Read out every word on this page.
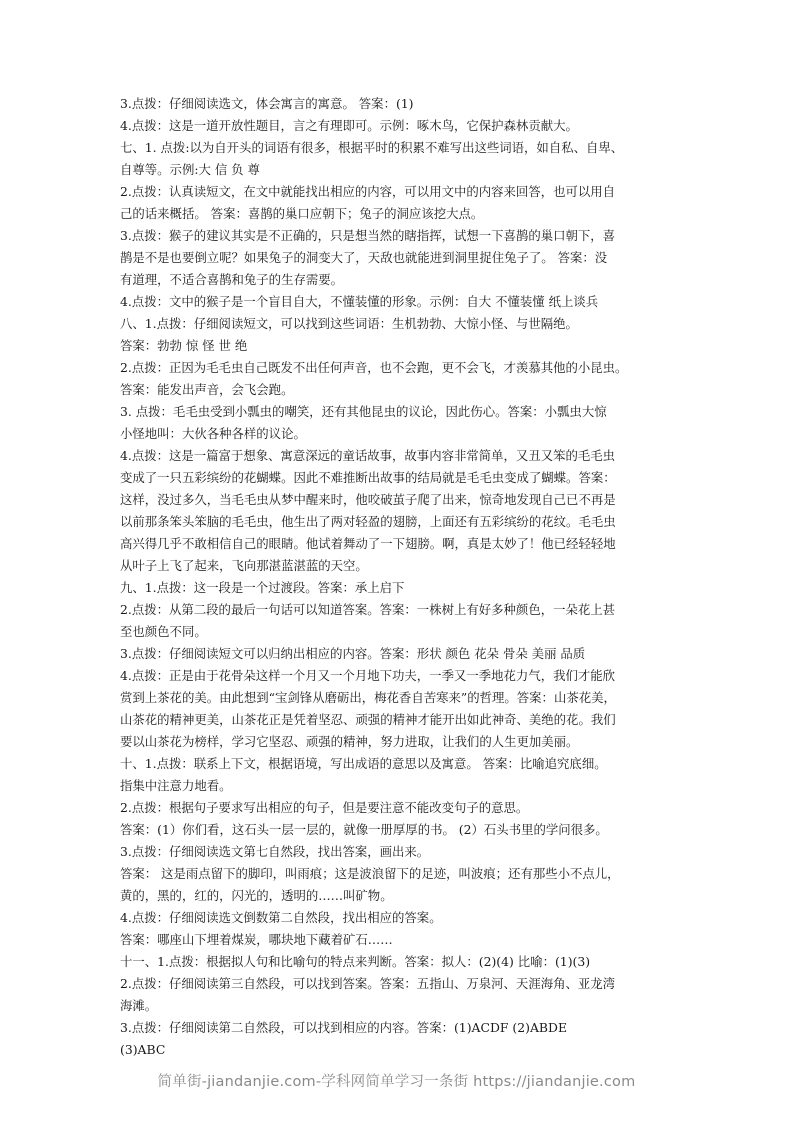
3.点拨：仔细阅读选文，体会寓言的寓意。 答案：(1)

4.点拨：这是一道开放性题目，言之有理即可。示例：啄木鸟，它保护森林贡献大。

七、1. 点拨:以为自开头的词语有很多，根据平时的积累不难写出这些词语，如自私、自卑、

自尊等。示例:大 信 负 尊

2.点拨：认真读短文，在文中就能找出相应的内容，可以用文中的内容来回答，也可以用自

己的话来概括。 答案：喜鹊的巢口应朝下；兔子的洞应该挖大点。

3.点拨：猴子的建议其实是不正确的，只是想当然的瞎指挥，试想一下喜鹊的巢口朝下，喜

鹊是不是也要倒立呢？如果兔子的洞变大了，天敌也就能进到洞里捉住兔子了。 答案：没

有道理，不适合喜鹊和兔子的生存需要。

4.点拨：文中的猴子是一个盲目自大，不懂装懂的形象。示例：自大 不懂装懂 纸上谈兵

八、1.点拨：仔细阅读短文，可以找到这些词语：生机勃勃、大惊小怪、与世隔绝。

答案：勃勃 惊 怪 世 绝

2.点拨：正因为毛毛虫自己既发不出任何声音，也不会跑，更不会飞，才羡慕其他的小昆虫。

答案：能发出声音，会飞会跑。

3. 点拨：毛毛虫受到小瓢虫的嘲笑，还有其他昆虫的议论，因此伤心。答案：小瓢虫大惊

小怪地叫：大伙各种各样的议论。

4.点拨：这是一篇富于想象、寓意深远的童话故事，故事内容非常简单，又丑又笨的毛毛虫

变成了一只五彩缤纷的花蝴蝶。因此不难推断出故事的结局就是毛毛虫变成了蝴蝶。答案：

这样，没过多久，当毛毛虫从梦中醒来时，他咬破茧子爬了出来，惊奇地发现自己已不再是

以前那条笨头笨脑的毛毛虫，他生出了两对轻盈的翅膀，上面还有五彩缤纷的花纹。毛毛虫

高兴得几乎不敢相信自己的眼睛。他试着舞动了一下翅膀。啊，真是太妙了！他已经轻轻地

从叶子上飞了起来，飞向那湛蓝湛蓝的天空。

九、1.点拨：这一段是一个过渡段。答案：承上启下

2.点拨：从第二段的最后一句话可以知道答案。答案：一株树上有好多种颜色，一朵花上甚

至也颜色不同。

3.点拨：仔细阅读短文可以归纳出相应的内容。答案：形状 颜色 花朵 骨朵 美丽 品质

4.点拨：正是由于花骨朵这样一个月又一个月地下功夫，一季又一季地花力气，我们才能欣

赏到上茶花的美。由此想到“宝剑锋从磨砺出，梅花香自苦寒来”的哲理。答案：山茶花美，

山茶花的精神更美，山茶花正是凭着坚忍、顽强的精神才能开出如此神奇、美绝的花。我们

要以山茶花为榜样，学习它坚忍、顽强的精神，努力进取，让我们的人生更加美丽。

十、1.点拨：联系上下文，根据语境，写出成语的意思以及寓意。 答案：比喻追究底细。

指集中注意力地看。

2.点拨：根据句子要求写出相应的句子，但是要注意不能改变句子的意思。

答案：(1）你们看，这石头一层一层的，就像一册厚厚的书。 (2）石头书里的学问很多。

3.点拨：仔细阅读选文第七自然段，找出答案，画出来。

答案： 这是雨点留下的脚印，叫雨痕；这是波浪留下的足迹，叫波痕；还有那些小不点儿，

黄的，黑的，红的，闪光的，透明的……叫矿物。

4.点拨：仔细阅读选文倒数第二自然段，找出相应的答案。

答案：哪座山下埋着煤炭，哪块地下藏着矿石……

十一、1.点拨：根据拟人句和比喻句的特点来判断。答案：拟人：(2)(4) 比喻：(1)(3)

2.点拨：仔细阅读第三自然段，可以找到答案。答案：五指山、万泉河、天涯海角、亚龙湾

海滩。

3.点拨：仔细阅读第二自然段，可以找到相应的内容。答案：(1)ACDF (2)ABDE

(3)ABC

简单街-jiandanjie.com-学科网简单学习一条街 https://jiandanjie.com
